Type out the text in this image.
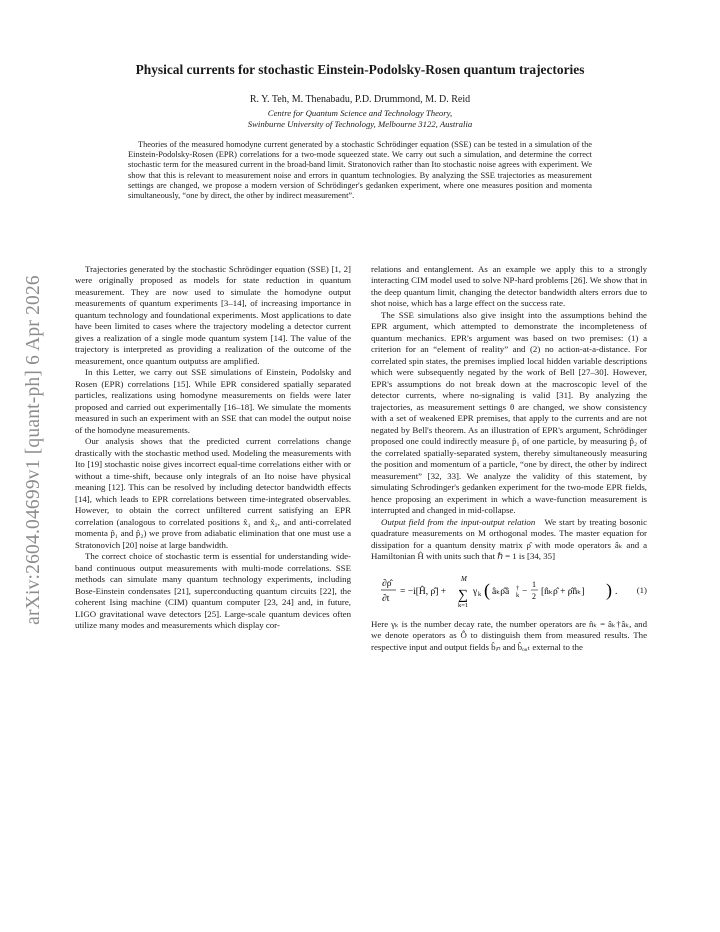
arXiv:2604.04699v1 [quant-ph] 6 Apr 2026
Physical currents for stochastic Einstein-Podolsky-Rosen quantum trajectories
R. Y. Teh, M. Thenabadu, P.D. Drummond, M. D. Reid
Centre for Quantum Science and Technology Theory,
Swinburne University of Technology, Melbourne 3122, Australia
Theories of the measured homodyne current generated by a stochastic Schrödinger equation (SSE) can be tested in a simulation of the Einstein-Podolsky-Rosen (EPR) correlations for a two-mode squeezed state. We carry out such a simulation, and determine the correct stochastic term for the measured current in the broad-band limit. Stratonovich rather than Ito stochastic noise agrees with experiment. We show that this is relevant to measurement noise and errors in quantum technologies. By analyzing the SSE trajectories as measurement settings are changed, we propose a modern version of Schrödinger's gedanken experiment, where one measures position and momenta simultaneously, “one by direct, the other by indirect measurement”.

Trajectories generated by the stochastic Schrödinger equation (SSE) [1, 2] were originally proposed as models for state reduction in quantum measurement. They are now used to simulate the homodyne output measurements of quantum experiments [3–14], of increasing importance in quantum technology and foundational experiments. Most applications to date have been limited to cases where the trajectory modeling a detector current gives a realization of a single mode quantum system [14]. The value of the trajectory is interpreted as providing a realization of the outcome of the measurement, once quantum outputss are amplified.

In this Letter, we carry out SSE simulations of Einstein, Podolsky and Rosen (EPR) correlations [15]. While EPR considered spatially separated particles, realizations using homodyne measurements on fields were later proposed and carried out experimentally [16–18]. We simulate the moments measured in such an experiment with an SSE that can model the output noise of the homodyne measurements.

Our analysis shows that the predicted current correlations change drastically with the stochastic method used. Modeling the measurements with Ito [19] stochastic noise gives incorrect equal-time correlations either with or without a time-shift, because only integrals of an Ito noise have physical meaning [12]. This can be resolved by including detector bandwidth effects [14], which leads to EPR correlations between time-integrated observables. However, to obtain the correct unfiltered current satisfying an EPR correlation (analogous to correlated positions x̂₁ and x̂₂, and anti-correlated momenta p̂₁ and p̂₂) we prove from adiabatic elimination that one must use a Stratonovich [20] noise at large bandwidth.

The correct choice of stochastic term is essential for understanding wide-band continuous output measurements with multi-mode correlations. SSE methods can simulate many quantum technology experiments, including Bose-Einstein condensates [21], superconducting quantum circuits [22], the coherent Ising machine (CIM) quantum computer [23, 24] and, in future, LIGO gravitational wave detectors [25]. Large-scale quantum devices often utilize many modes and measurements which display cor-

relations and entanglement. As an example we apply this to a strongly interacting CIM model used to solve NP-hard problems [26]. We show that in the deep quantum limit, changing the detector bandwidth alters errors due to shot noise, which has a large effect on the success rate.

The SSE simulations also give insight into the assumptions behind the EPR argument, which attempted to demonstrate the incompleteness of quantum mechanics. EPR's argument was based on two premises: (1) a criterion for an “element of reality” and (2) no action-at-a-distance. For correlated spin states, the premises implied local hidden variable descriptions which were subsequently negated by the work of Bell [27–30]. However, EPR's assumptions do not break down at the macroscopic level of the detector currents, where no-signaling is valid [31]. By analyzing the trajectories, as measurement settings θ are changed, we show consistency with a set of weakened EPR premises, that apply to the currents and are not negated by Bell's theorem. As an illustration of EPR's argument, Schrödinger proposed one could indirectly measure p̂₁ of one particle, by measuring p̂₂ of the correlated spatially-separated system, thereby simultaneously measuring the position and momentum of a particle, “one by direct, the other by indirect measurement” [32, 33]. We analyze the validity of this statement, by simulating Schrodinger's gedanken experiment for the two-mode EPR fields, hence proposing an experiment in which a wave-function measurement is interrupted and changed in mid-collapse.

Output field from the input-output relation We start by treating bosonic quadrature measurements on M orthogonal modes. The master equation for dissipation for a quantum density matrix ρ̂ with mode operators âₖ and a Hamiltonian Ĥ with units such that ℏ = 1 is [34, 35]

∂ρ̂
∂t
= −i[Ĥ, ρ̂] +
M
∑
k=1
γ k ( âₖρ̂â †
k −
1
2 [n̂ₖρ̂ + ρ̂n̂ₖ] ) . (1)

Here γₖ is the number decay rate, the number operators are n̂ₖ = âₖ†âₖ, and we denote operators as Ô to distinguish them from measured results. The respective input and output fields b̂ᵢₙ and b̂ₒᵤₜ external to the
